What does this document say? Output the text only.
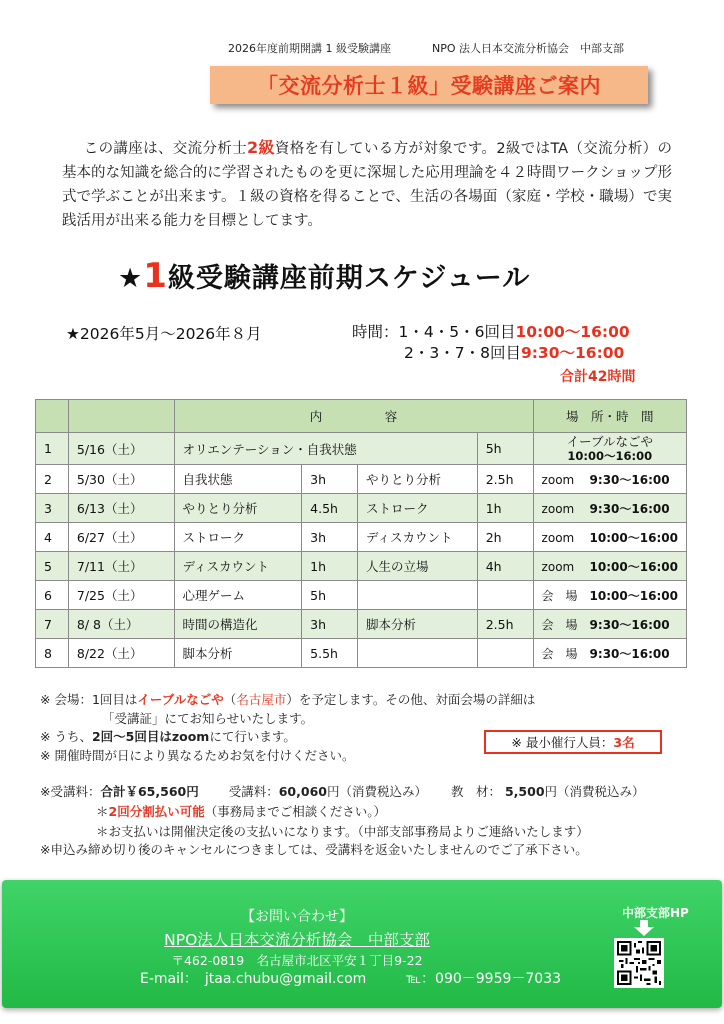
2026年度前期開講 1 級受験講座	NPO 法人日本交流分析協会　中部支部
「交流分析士１級」受験講座ご案内

この講座は、交流分析士2級資格を有している方が対象です。2級ではTA（交流分析）の基本的な知識を総合的に学習されたものを更に深堀した応用理論を４２時間ワークショップ形式で学ぶことが出来ます。１級の資格を得ることで、生活の各場面（家庭・学校・職場）で実践活用が出来る能力を目標としてます。

★1級受験講座前期スケジュール
★2026年5月～2026年８月	時間：1・4・5・6回目10:00～16:00
2・3・7・8回目9:30～16:00
合計42時間
		内　　　　　容				場　所・時　間
1	5/16（土）	オリエンテーション・自我状態			5h	イーブルなごや
10:00～16:00

2	5/30（土）	自我状態	3h	やりとり分析	2.5h	zoom 9:30～16:00
3	6/13（土）	やりとり分析	4.5h	ストローク	1h	zoom 9:30～16:00
4	6/27（土）	ストローク	3h	ディスカウント	2h	zoom 10:00～16:00
5	7/11（土）	ディスカウント	1h	人生の立場	4h	zoom 10:00～16:00
6	7/25（土）	心理ゲーム	5h			会　場 10:00～16:00
7	8/ 8（土）	時間の構造化	3h	脚本分析	2.5h	会　場 9:30～16:00
8	8/22（土）	脚本分析	5.5h			会　場 9:30～16:00
※ 会場：1回目はイーブルなごや（名古屋市）を予定します。その他、対面会場の詳細は
「受講証」にてお知らせいたします。
※ うち、2回～5回目はzoomにて行います。
※ 開催時間が日により異なるためお気を付けください。
※ 最小催行人員： 3名
※受講料：合計￥65,560円 受講料：60,060円（消費税込み） 教　材： 5,500円（消費税込み）
＊2回分割払い可能（事務局までご相談ください。）
＊お支払いは開催決定後の支払いになります。（中部支部事務局よりご連絡いたします）
※申込み締め切り後のキャンセルにつきましては、受講料を返金いたしませんのでご了承下さい。
【お問い合わせ】
NPO法人日本交流分析協会　中部支部
〒462-0819　名古屋市北区平安１丁目9-22
E-mail：　jtaa.chubu@gmail.com	℡：090－9959－7033
中部支部HP
